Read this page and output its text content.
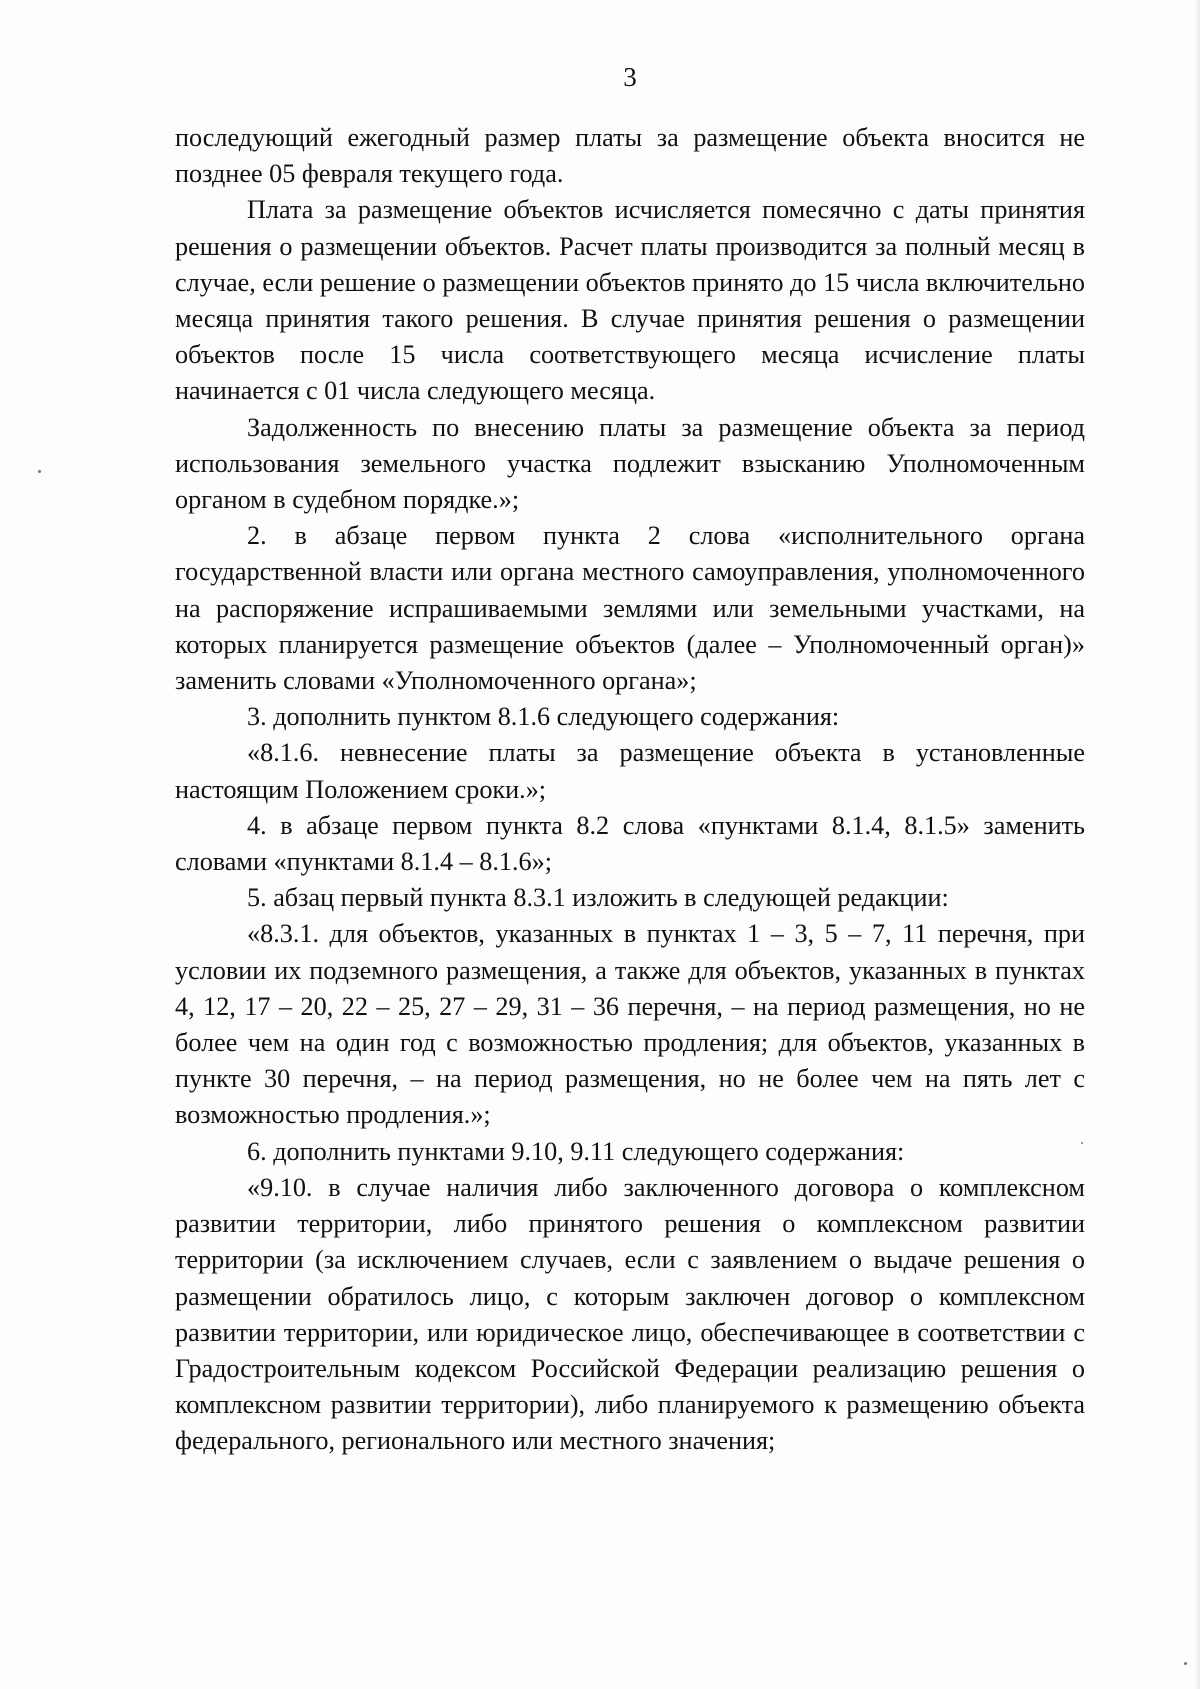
3

последующий ежегодный размер платы за размещение объекта вносится не позднее 05 февраля текущего года.

Плата за размещение объектов исчисляется помесячно с даты принятия решения о размещении объектов. Расчет платы производится за полный месяц в случае, если решение о размещении объектов принято до 15 числа включительно месяца принятия такого решения. В случае принятия решения о размещении объектов после 15 числа соответствующего месяца исчисление платы начинается с 01 числа следующего месяца.

Задолженность по внесению платы за размещение объекта за период использования земельного участка подлежит взысканию Уполномоченным органом в судебном порядке.»;

2. в абзаце первом пункта 2 слова «исполнительного органа государственной власти или органа местного самоуправления, уполномоченного на распоряжение испрашиваемыми землями или земельными участками, на которых планируется размещение объектов (далее – Уполномоченный орган)» заменить словами «Уполномоченного органа»;

3. дополнить пунктом 8.1.6 следующего содержания:

«8.1.6. невнесение платы за размещение объекта в установленные настоящим Положением сроки.»;

4. в абзаце первом пункта 8.2 слова «пунктами 8.1.4, 8.1.5» заменить словами «пунктами 8.1.4 – 8.1.6»;

5. абзац первый пункта 8.3.1 изложить в следующей редакции:

«8.3.1. для объектов, указанных в пунктах 1 – 3, 5 – 7, 11 перечня, при условии их подземного размещения, а также для объектов, указанных в пунктах 4, 12, 17 – 20, 22 – 25, 27 – 29, 31 – 36 перечня, – на период размещения, но не более чем на один год с возможностью продления; для объектов, указанных в пункте 30 перечня, – на период размещения, но не более чем на пять лет с возможностью продления.»;

6. дополнить пунктами 9.10, 9.11 следующего содержания:

«9.10. в случае наличия либо заключенного договора о комплексном развитии территории, либо принятого решения о комплексном развитии территории (за исключением случаев, если с заявлением о выдаче решения о размещении обратилось лицо, с которым заключен договор о комплексном развитии территории, или юридическое лицо, обеспечивающее в соответствии с Градостроительным кодексом Российской Федерации реализацию решения о комплексном развитии территории), либо планируемого к размещению объекта федерального, регионального или местного значения;
